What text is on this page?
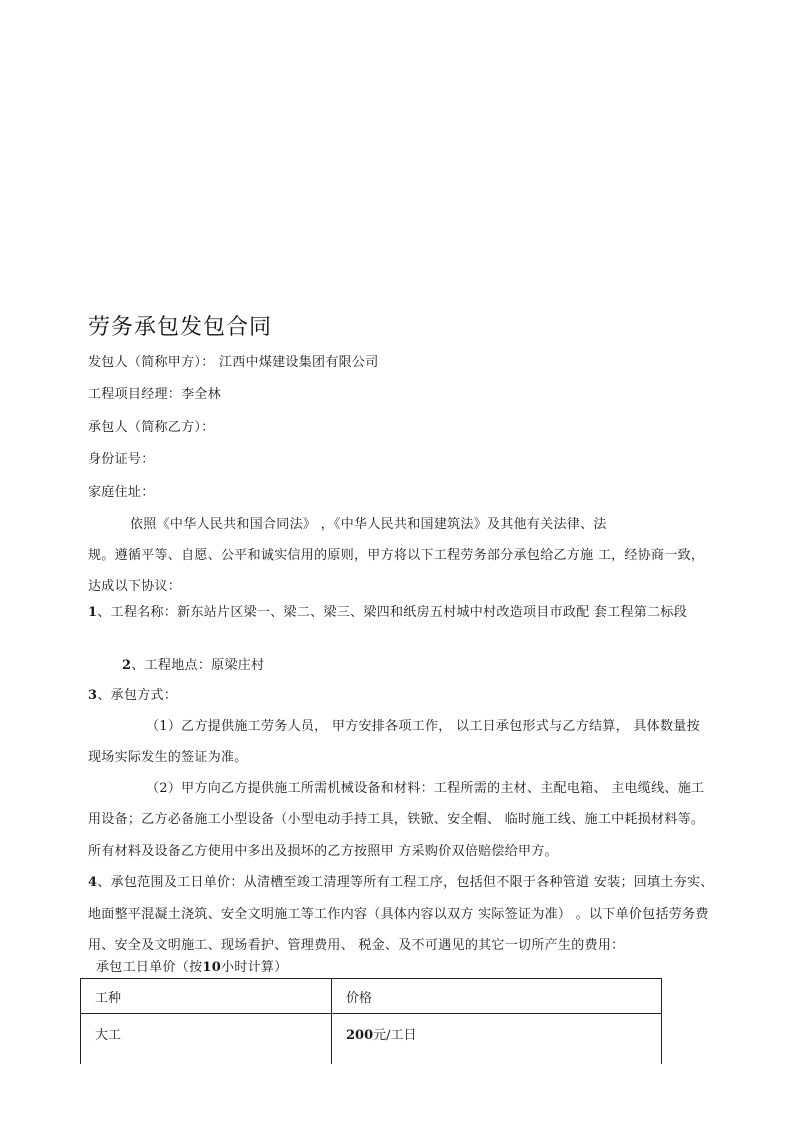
劳务承包发包合同
发包人（简称甲方）： 江西中煤建设集团有限公司
工程项目经理：李全林
承包人（简称乙方）：
身份证号：
家庭住址：
依照《中华人民共和国合同法》 ，《中华人民共和国建筑法》及其他有关法律、法
规。遵循平等、自愿、公平和诚实信用的原则，甲方将以下工程劳务部分承包给乙方施 工，经协商一致，
达成以下协议：
1、工程名称：新东站片区梁一、梁二、梁三、梁四和纸房五村城中村改造项目市政配 套工程第二标段
2、工程地点：原梁庄村
3、承包方式：
（1）乙方提供施工劳务人员， 甲方安排各项工作， 以工日承包形式与乙方结算， 具体数量按
现场实际发生的签证为准。
（2）甲方向乙方提供施工所需机械设备和材料：工程所需的主材、主配电箱、 主电缆线、施工
用设备；乙方必备施工小型设备（小型电动手持工具，铁锨、安全帽、 临时施工线、施工中耗损材料等。
所有材料及设备乙方使用中多出及损坏的乙方按照甲 方采购价双倍赔偿给甲方。
4、承包范围及工日单价：从清槽至竣工清理等所有工程工序，包括但不限于各种管道 安装；回填土夯实、
地面整平混凝土浇筑、安全文明施工等工作内容（具体内容以双方 实际签证为准） 。以下单价包括劳务费
用、安全及文明施工、现场看护、管理费用、 税金、及不可遇见的其它一切所产生的费用：
承包工日单价（按10小时计算）
工种	价格
大工	200元/工日
